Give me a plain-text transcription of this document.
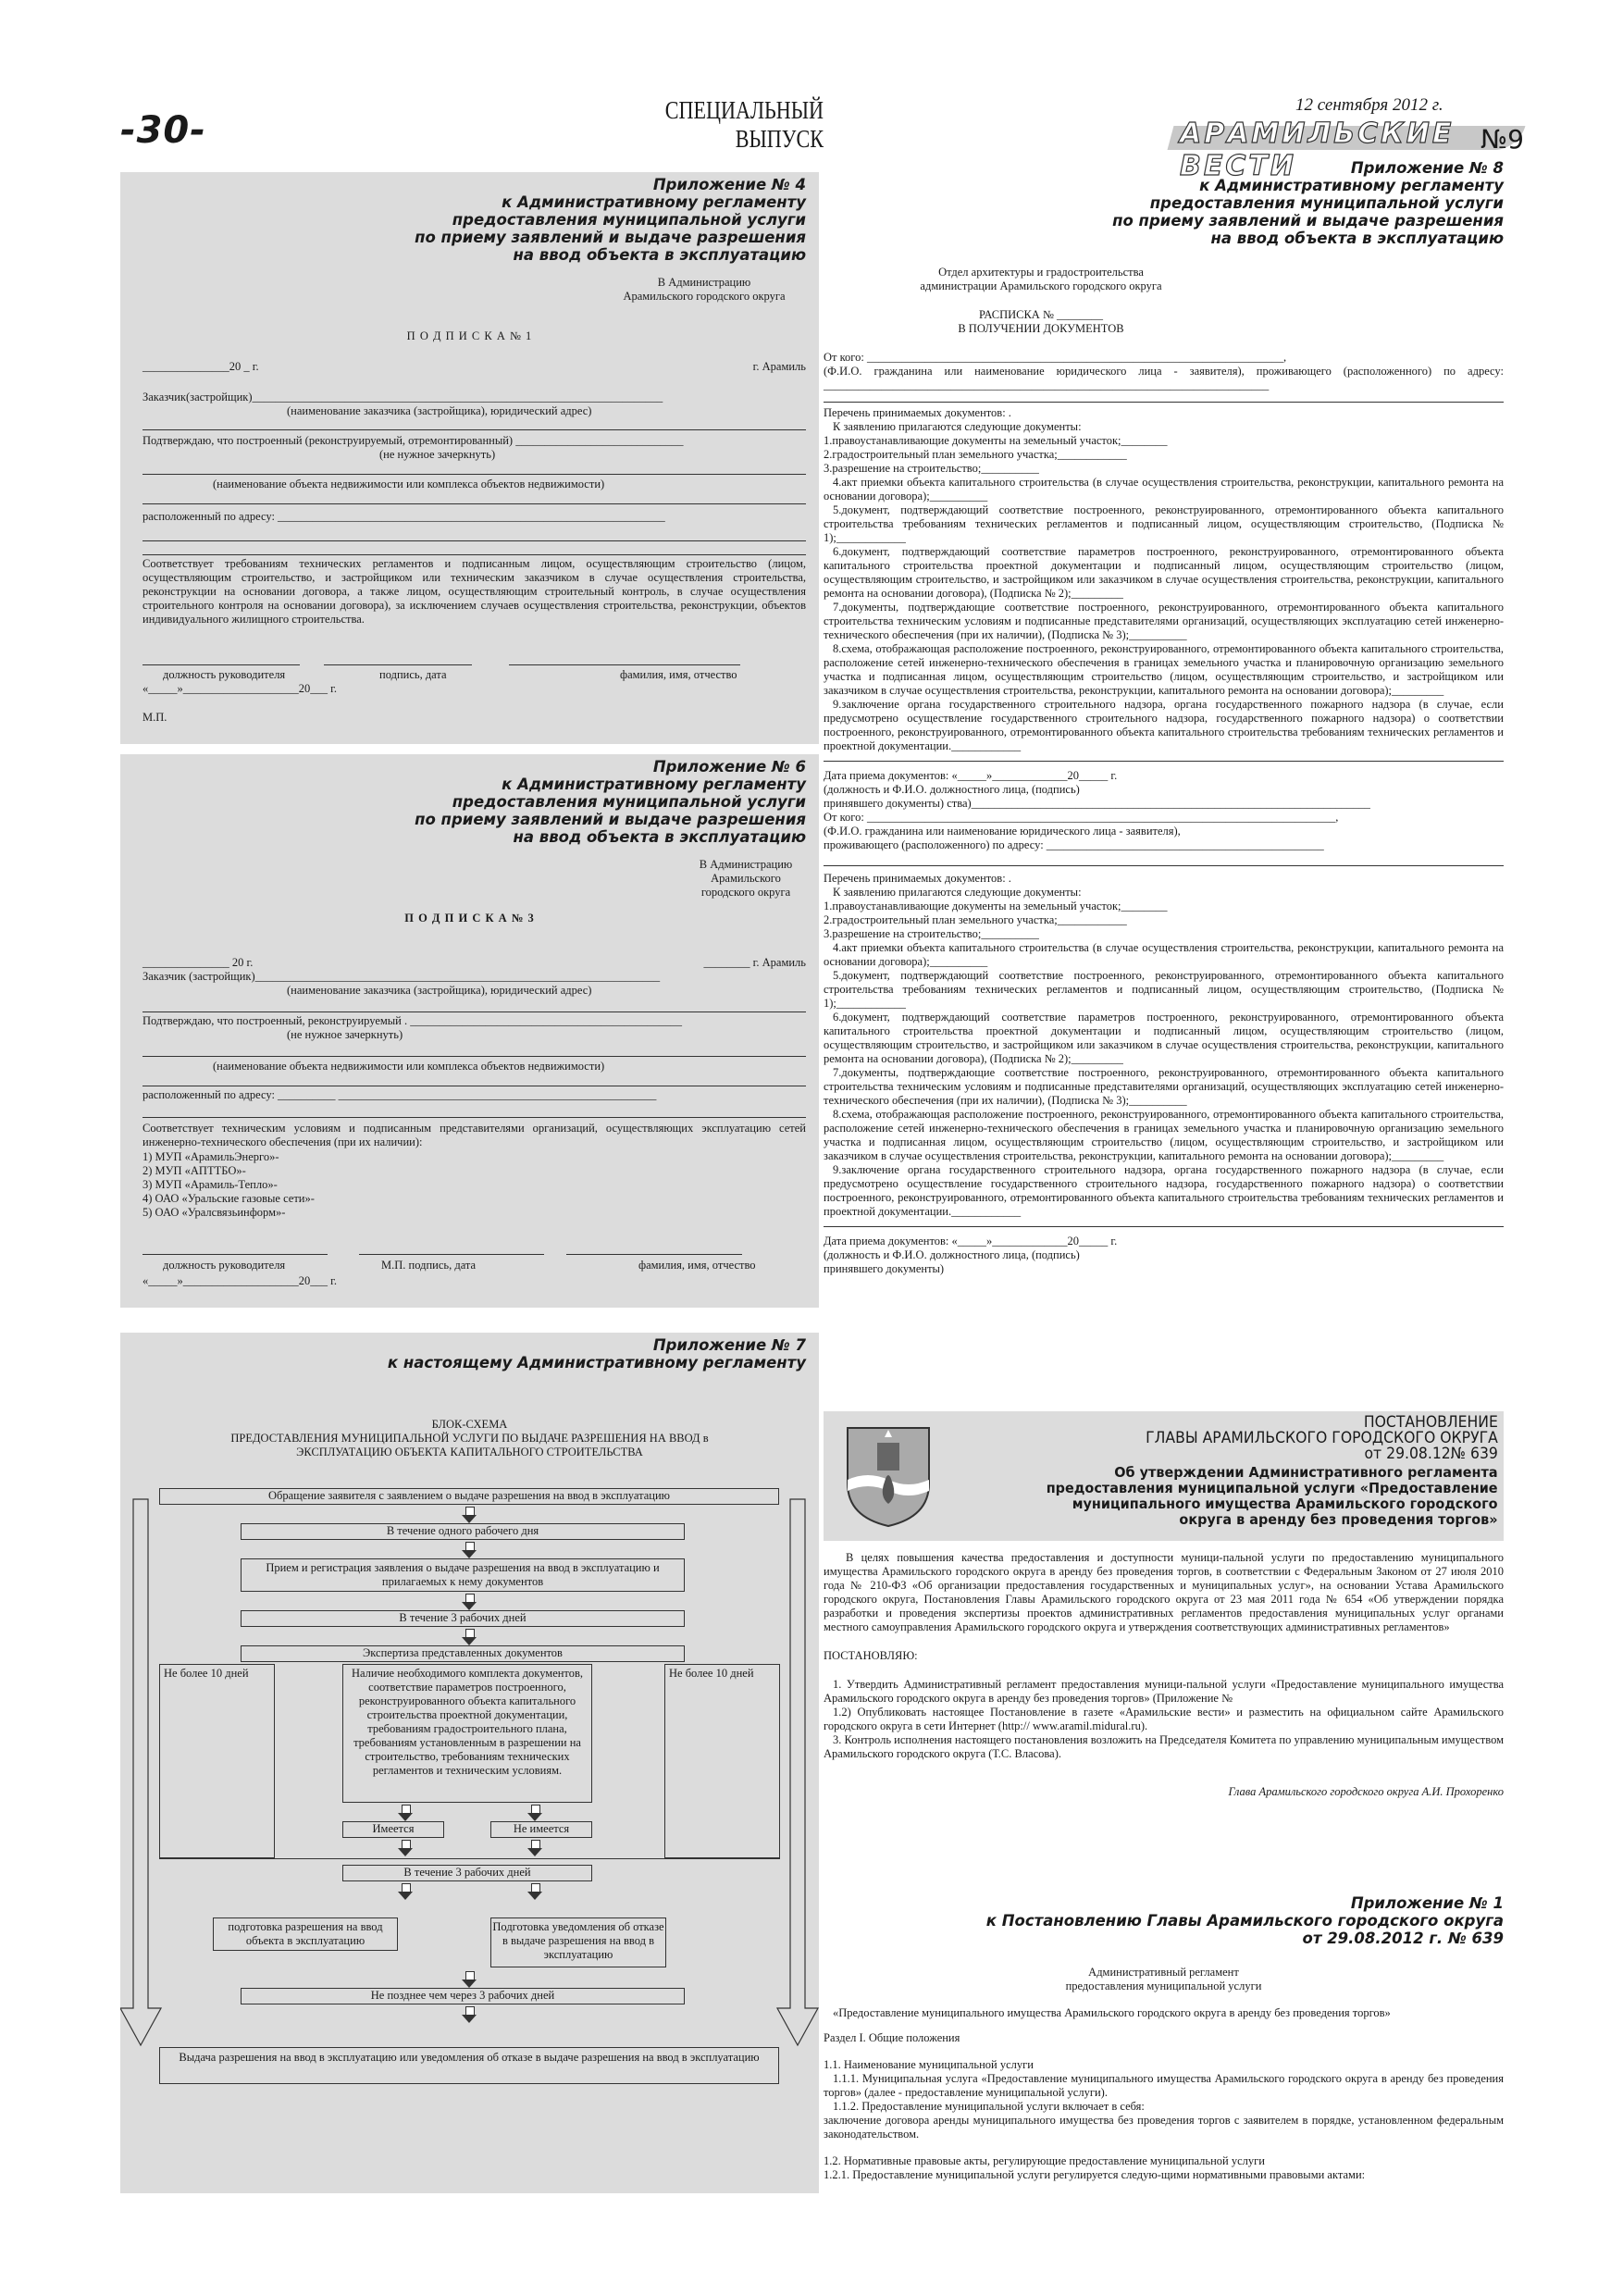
-30-	СПЕЦИАЛЬНЫЙ
ВЫПУСК
12 сентября 2012 г.
АРАМИЛЬСКИЕ ВЕСТИ
№9
Приложение № 4
к Административному регламенту
предоставления муниципальной услуги
по приему заявлений и выдаче разрешения
на ввод объекта в эксплуатацию
В Администрацию
Арамильского городского округа
П О Д П И С К А № 1
_______________20 _ г.	г. Арамиль
Заказчик(застройщик)_______________________________________________________________________
(наименование заказчика (застройщика), юридический адрес)
Подтверждаю, что построенный (реконструируемый, отремонтированный) _____________________________
(не нужное зачеркнуть)
(наименование объекта недвижимости или комплекса объектов недвижимости)
расположенный по адресу: ___________________________________________________________________
Соответствует требованиям технических регламентов и подписанным лицом, осуществляющим строительство (лицом, осуществляющим строительство, и застройщиком или техническим заказчиком в случае осуществления строительства, реконструкции на основании договора, а также лицом, осуществляющим строительный контроль, в случае осуществления строительного контроля на основании договора), за исключением случаев осуществления строительства, реконструкции, объектов индивидуального жилищного строительства.
должность руководителя	подпись, дата	фамилия, имя, отчество
«_____»____________________20___ г.
М.П.
Приложение № 6
к Административному регламенту
предоставления муниципальной услуги
по приему заявлений и выдаче разрешения
на ввод объекта в эксплуатацию
В Администрацию
Арамильского
городского округа
П О Д П И С К А № 3
_______________ 20 г.	________ г. Арамиль
Заказчик (застройщик)______________________________________________________________________
(наименование заказчика (застройщика), юридический адрес)
Подтверждаю, что построенный, реконструируемый . _______________________________________________
(не нужное зачеркнуть)
(наименование объекта недвижимости или комплекса объектов недвижимости)
расположенный по адресу: __________ _______________________________________________________
Соответствует техническим условиям и подписанным представителями организаций, осуществляющих эксплуатацию сетей инженерно-технического обеспечения (при их наличии):
1) МУП «АрамильЭнерго»-
2) МУП «АПТТБО»-
3) МУП «Арамиль-Тепло»-
4) ОАО «Уральские газовые сети»-
5) ОАО «Уралсвязьинформ»-
должность руководителя	М.П. подпись, дата	фамилия, имя, отчество
«_____»____________________20___ г.
Приложение № 7
к настоящему Административному регламенту
БЛОК-СХЕМА
ПРЕДОСТАВЛЕНИЯ МУНИЦИПАЛЬНОЙ УСЛУГИ ПО ВЫДАЧЕ РАЗРЕШЕНИЯ НА ВВОД в
ЭКСПЛУАТАЦИЮ ОБЪЕКТА КАПИТАЛЬНОГО СТРОИТЕЛЬСТВА
Обращение заявителя с заявлением о выдаче разрешения на ввод в эксплуатацию
В течение одного рабочего дня
Прием и регистрация заявления о выдаче разрешения на ввод в эксплуатацию и прилагаемых к нему документов
В течение 3 рабочих дней
Экспертиза представленных документов
Не более 10 дней	Наличие необходимого комплекта документов, соответствие параметров построенного, реконструированного объекта капитального строительства проектной документации, требованиям градостроительного плана, требованиям установленным в разрешении на строительство, требованиям технических регламентов и техническим условиям.
Не более 10 дней
Имеется	Не имеется
В течение 3 рабочих дней
подготовка разрешения на ввод объекта в эксплуатацию
Подготовка уведомления об отказе в выдаче разрешения на ввод в эксплуатацию
Не позднее чем через 3 рабочих дней
Выдача разрешения на ввод в эксплуатацию или уведомления об отказе в выдаче разрешения на ввод в эксплуатацию
Приложение № 8
к Административному регламенту
предоставления муниципальной услуги
по приему заявлений и выдаче разрешения
на ввод объекта в эксплуатацию
Отдел архитектуры и градостроительства
администрации Арамильского городского округа
РАСПИСКА № ________
В ПОЛУЧЕНИИ ДОКУМЕНТОВ
От кого: ________________________________________________________________________,
(Ф.И.О. гражданина или наименование юридического лица - заявителя), проживающего (расположенного) по адресу: _____________________________________________________________________________
Перечень принимаемых документов: .
К заявлению прилагаются следующие документы:
1.правоустанавливающие документы на земельный участок;________
2.градостроительный план земельного участка;____________
3.разрешение на строительство;__________
4.акт приемки объекта капитального строительства (в случае осуществления строительства, реконструкции, капитального ремонта на основании договора);__________
5.документ, подтверждающий соответствие построенного, реконструированного, отремонтированного объекта капитального строительства требованиям технических регламентов и подписанный лицом, осуществляющим строительство, (Подписка № 1);____________
6.документ, подтверждающий соответствие параметров построенного, реконструированного, отремонтированного объекта капитального строительства проектной документации и подписанный лицом, осуществляющим строительство (лицом, осуществляющим строительство, и застройщиком или заказчиком в случае осуществления строительства, реконструкции, капитального ремонта на основании договора), (Подписка № 2);_________
7.документы, подтверждающие соответствие построенного, реконструированного, отремонтированного объекта капитального строительства техническим условиям и подписанные представителями организаций, осуществляющих эксплуатацию сетей инженерно-технического обеспечения (при их наличии), (Подписка № 3);__________
8.схема, отображающая расположение построенного, реконструированного, отремонтированного объекта капитального строительства, расположение сетей инженерно-технического обеспечения в границах земельного участка и планировочную организацию земельного участка и подписанная лицом, осуществляющим строительство (лицом, осуществляющим строительство, и застройщиком или заказчиком в случае осуществления строительства, реконструкции, капитального ремонта на основании договора);_________
9.заключение органа государственного строительного надзора, органа государственного пожарного надзора (в случае, если предусмотрено осуществление государственного строительного надзора, государственного пожарного надзора) о соответствии построенного, реконструированного, отремонтированного объекта капитального строительства требованиям технических регламентов и проектной документации.____________
Дата приема документов: «_____»_____________20_____ г.
(должность и Ф.И.О. должностного лица, (подпись)
принявшего документы) ства)_____________________________________________________________________
От кого: _________________________________________________________________________________,
(Ф.И.О. гражданина или наименование юридического лица - заявителя),
проживающего (расположенного) по адресу: ________________________________________________
Перечень принимаемых документов: .
К заявлению прилагаются следующие документы:
1.правоустанавливающие документы на земельный участок;________
2.градостроительный план земельного участка;____________
3.разрешение на строительство;__________
4.акт приемки объекта капитального строительства (в случае осуществления строительства, реконструкции, капитального ремонта на основании договора);__________
5.документ, подтверждающий соответствие построенного, реконструированного, отремонтированного объекта капитального строительства требованиям технических регламентов и подписанный лицом, осуществляющим строительство, (Подписка № 1);____________
6.документ, подтверждающий соответствие параметров построенного, реконструированного, отремонтированного объекта капитального строительства проектной документации и подписанный лицом, осуществляющим строительство (лицом, осуществляющим строительство, и застройщиком или заказчиком в случае осуществления строительства, реконструкции, капитального ремонта на основании договора), (Подписка № 2);_________
7.документы, подтверждающие соответствие построенного, реконструированного, отремонтированного объекта капитального строительства техническим условиям и подписанные представителями организаций, осуществляющих эксплуатацию сетей инженерно-технического обеспечения (при их наличии), (Подписка № 3);__________
8.схема, отображающая расположение построенного, реконструированного, отремонтированного объекта капитального строительства, расположение сетей инженерно-технического обеспечения в границах земельного участка и планировочную организацию земельного участка и подписанная лицом, осуществляющим строительство (лицом, осуществляющим строительство, и застройщиком или заказчиком в случае осуществления строительства, реконструкции, капитального ремонта на основании договора);_________
9.заключение органа государственного строительного надзора, органа государственного пожарного надзора (в случае, если предусмотрено осуществление государственного строительного надзора, государственного пожарного надзора) о соответствии построенного, реконструированного, отремонтированного объекта капитального строительства требованиям технических регламентов и проектной документации.____________
Дата приема документов: «_____»_____________20_____ г.
(должность и Ф.И.О. должностного лица, (подпись)
принявшего документы)
ПОСТАНОВЛЕНИЕ
ГЛАВЫ АРАМИЛЬСКОГО ГОРОДСКОГО ОКРУГА
от 29.08.12№ 639
Об утверждении Административного регламента
предоставления муниципальной услуги «Предоставление
муниципального имущества Арамильского городского
округа в аренду без проведения торгов»
В целях повышения качества предоставления и доступности муници-пальной услуги по предоставлению муниципального имущества Арамильского городского округа в аренду без проведения торгов, в соответствии с Федеральным Законом от 27 июля 2010 года № 210-ФЗ «Об организации предоставления государственных и муниципальных услуг», на основании Устава Арамильского городского округа, Постановления Главы Арамильского городского округа от 23 мая 2011 года № 654 «Об утверждении порядка разработки и проведения экспертизы проектов административных регламентов предоставления муниципальных услуг органами местного самоуправления Арамильского городского округа и утверждения соответствующих административных регламентов»
ПОСТАНОВЛЯЮ:
1. Утвердить Административный регламент предоставления муници-пальной услуги «Предоставление муниципального имущества Арамильского городского округа в аренду без проведения торгов» (Приложение №
1.2) Опубликовать настоящее Постановление в газете «Арамильские вести» и разместить на официальном сайте Арамильского городского округа в сети Интернет (http:// www.aramil.midural.ru).
3. Контроль исполнения настоящего постановления возложить на Председателя Комитета по управлению муниципальным имуществом Арамильского городского округа (Т.С. Власова).
Глава Арамильского городского округа А.И. Прохоренко
Приложение № 1
к Постановлению Главы Арамильского городского округа
от 29.08.2012 г. № 639
Административный регламент
предоставления муниципальной услуги
«Предоставление муниципального имущества Арамильского городского округа в аренду без проведения торгов»
Раздел I. Общие положения
1.1. Наименование муниципальной услуги
1.1.1. Муниципальная услуга «Предоставление муниципального имущества Арамильского городского округа в аренду без проведения торгов» (далее - предоставление муниципальной услуги).
1.1.2. Предоставление муниципальной услуги включает в себя:
заключение договора аренды муниципального имущества без проведения торгов с заявителем в порядке, установленном федеральным законодательством.
1.2. Нормативные правовые акты, регулирующие предоставление муниципальной услуги
1.2.1. Предоставление муниципальной услуги регулируется следую-щими нормативными правовыми актами:
